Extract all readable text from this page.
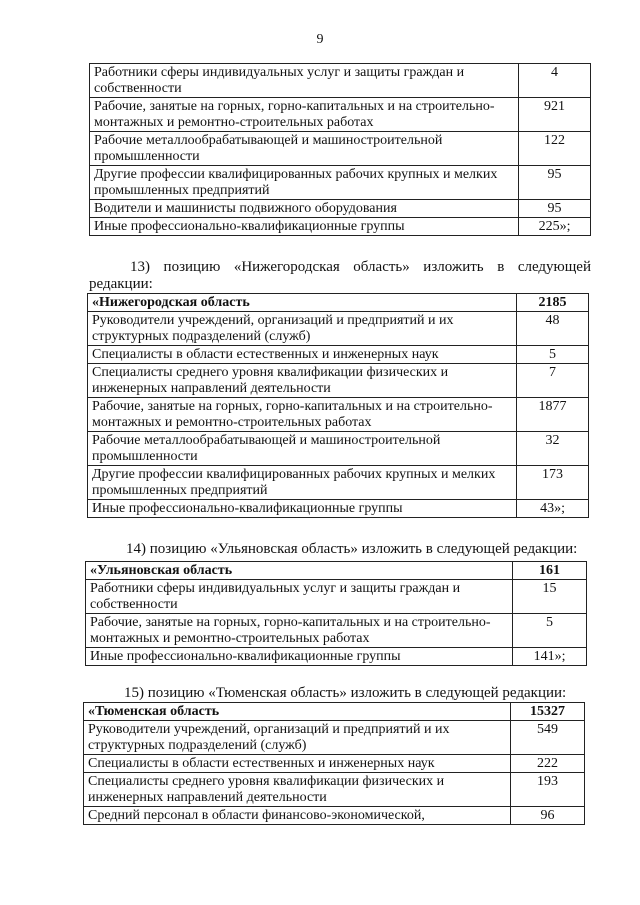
9
Работники сферы индивидуальных услуг и защиты граждан и собственности	4
Рабочие, занятые на горных, горно-капитальных и на строительно-монтажных и ремонтно-строительных работах	921
Рабочие металлообрабатывающей и машиностроительной промышленности	122
Другие профессии квалифицированных рабочих крупных и мелких промышленных предприятий	95
Водители и машинисты подвижного оборудования	95
Иные профессионально-квалификационные группы	225»;
13) позицию «Нижегородская область» изложить в следующей
редакции:
«Нижегородская область	2185
Руководители учреждений, организаций и предприятий и их структурных подразделений (служб)	48
Специалисты в области естественных и инженерных наук	5
Специалисты среднего уровня квалификации физических и инженерных направлений деятельности	7
Рабочие, занятые на горных, горно-капитальных и на строительно-монтажных и ремонтно-строительных работах	1877
Рабочие металлообрабатывающей и машиностроительной промышленности	32
Другие профессии квалифицированных рабочих крупных и мелких промышленных предприятий	173
Иные профессионально-квалификационные группы	43»;
14) позицию «Ульяновская область» изложить в следующей редакции:
«Ульяновская область	161
Работники сферы индивидуальных услуг и защиты граждан и собственности	15
Рабочие, занятые на горных, горно-капитальных и на строительно-монтажных и ремонтно-строительных работах	5
Иные профессионально-квалификационные группы	141»;
15) позицию «Тюменская область» изложить в следующей редакции:
«Тюменская область	15327
Руководители учреждений, организаций и предприятий и их структурных подразделений (служб)	549
Специалисты в области естественных и инженерных наук	222
Специалисты среднего уровня квалификации физических и инженерных направлений деятельности	193
Средний персонал в области финансово-экономической,	96
